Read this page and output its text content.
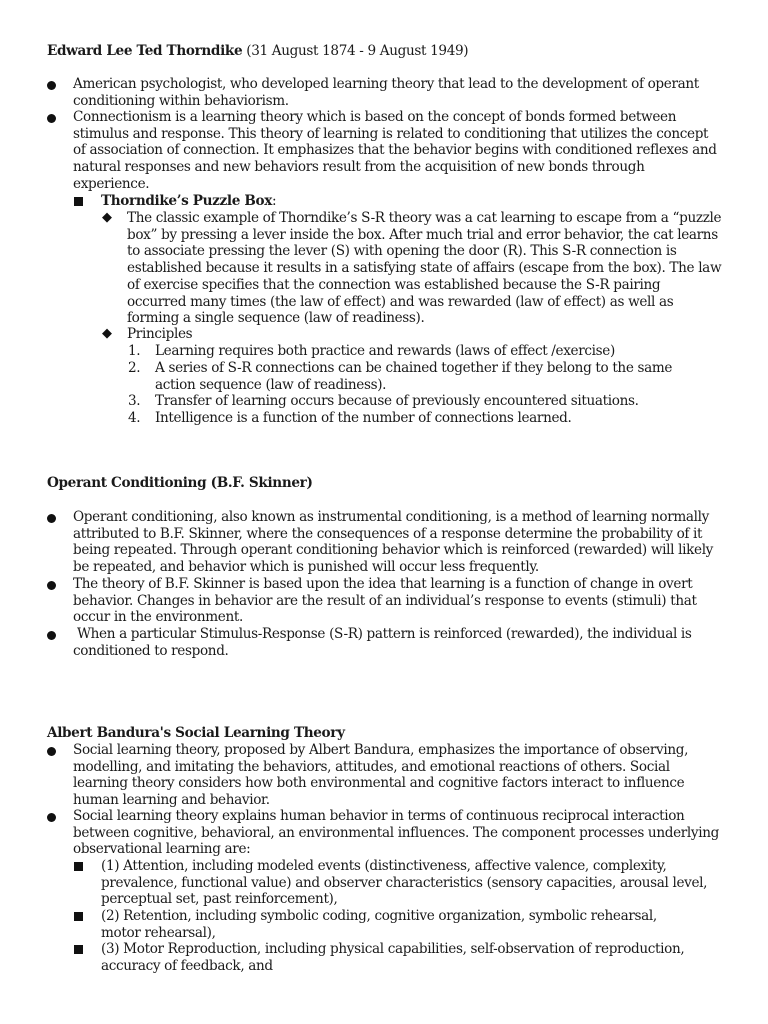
Edward Lee Ted Thorndike (31 August 1874 - 9 August 1949)
American psychologist, who developed learning theory that lead to the development of operant conditioning within behaviorism.
Connectionism is a learning theory which is based on the concept of bonds formed between stimulus and response. This theory of learning is related to conditioning that utilizes the concept of association of connection. It emphasizes that the behavior begins with conditioned reflexes and natural responses and new behaviors result from the acquisition of new bonds through experience.
Thorndike’s Puzzle Box:
◆ The classic example of Thorndike’s S-R theory was a cat learning to escape from a “puzzle box” by pressing a lever inside the box. After much trial and error behavior, the cat learns to associate pressing the lever (S) with opening the door (R). This S-R connection is established because it results in a satisfying state of affairs (escape from the box). The law of exercise specifies that the connection was established because the S-R pairing occurred many times (the law of effect) and was rewarded (law of effect) as well as forming a single sequence (law of readiness).
◆ Principles
1. Learning requires both practice and rewards (laws of effect /exercise)
2. A series of S-R connections can be chained together if they belong to the same action sequence (law of readiness).
3. Transfer of learning occurs because of previously encountered situations.
4. Intelligence is a function of the number of connections learned.
Operant Conditioning (B.F. Skinner)
Operant conditioning, also known as instrumental conditioning, is a method of learning normally attributed to B.F. Skinner, where the consequences of a response determine the probability of it being repeated. Through operant conditioning behavior which is reinforced (rewarded) will likely be repeated, and behavior which is punished will occur less frequently.
The theory of B.F. Skinner is based upon the idea that learning is a function of change in overt behavior. Changes in behavior are the result of an individual’s response to events (stimuli) that occur in the environment.
When a particular Stimulus-Response (S-R) pattern is reinforced (rewarded), the individual is conditioned to respond.
Albert Bandura's Social Learning Theory
Social learning theory, proposed by Albert Bandura, emphasizes the importance of observing, modelling, and imitating the behaviors, attitudes, and emotional reactions of others. Social learning theory considers how both environmental and cognitive factors interact to influence human learning and behavior.
Social learning theory explains human behavior in terms of continuous reciprocal interaction between cognitive, behavioral, an environmental influences. The component processes underlying observational learning are:
(1) Attention, including modeled events (distinctiveness, affective valence, complexity, prevalence, functional value) and observer characteristics (sensory capacities, arousal level, perceptual set, past reinforcement),
(2) Retention, including symbolic coding, cognitive organization, symbolic rehearsal, motor rehearsal),
(3) Motor Reproduction, including physical capabilities, self-observation of reproduction, accuracy of feedback, and
